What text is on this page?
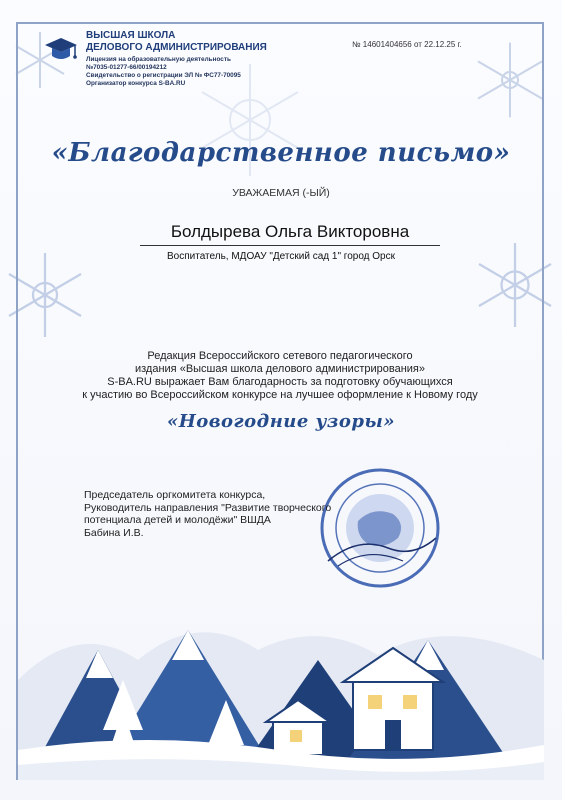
ВЫСШАЯ ШКОЛА
ДЕЛОВОГО АДМИНИСТРИРОВАНИЯ
Лицензия на образовательную деятельность
№7035-01277-66/00194212
Свидетельство о регистрации ЭЛ № ФС77-70095
Организатор конкурса S-BA.RU
№ 14601404656 от 22.12.25 г.
«Благодарственное письмо»
УВАЖАЕМАЯ (-ЫЙ)
Болдырева Ольга Викторовна
Воспитатель, МДОАУ "Детский сад 1" город Орск
Редакция Всероссийского сетевого педагогического
издания «Высшая школа делового администрирования»
S-BA.RU выражает Вам благодарность за подготовку обучающихся
к участию во Всероссийском конкурсе на лучшее оформление к Новому году
«Новогодние узоры»
Председатель оргкомитета конкурса,
Руководитель направления "Развитие творческого
потенциала детей и молодёжи" ВШДА
Бабина И.В.
